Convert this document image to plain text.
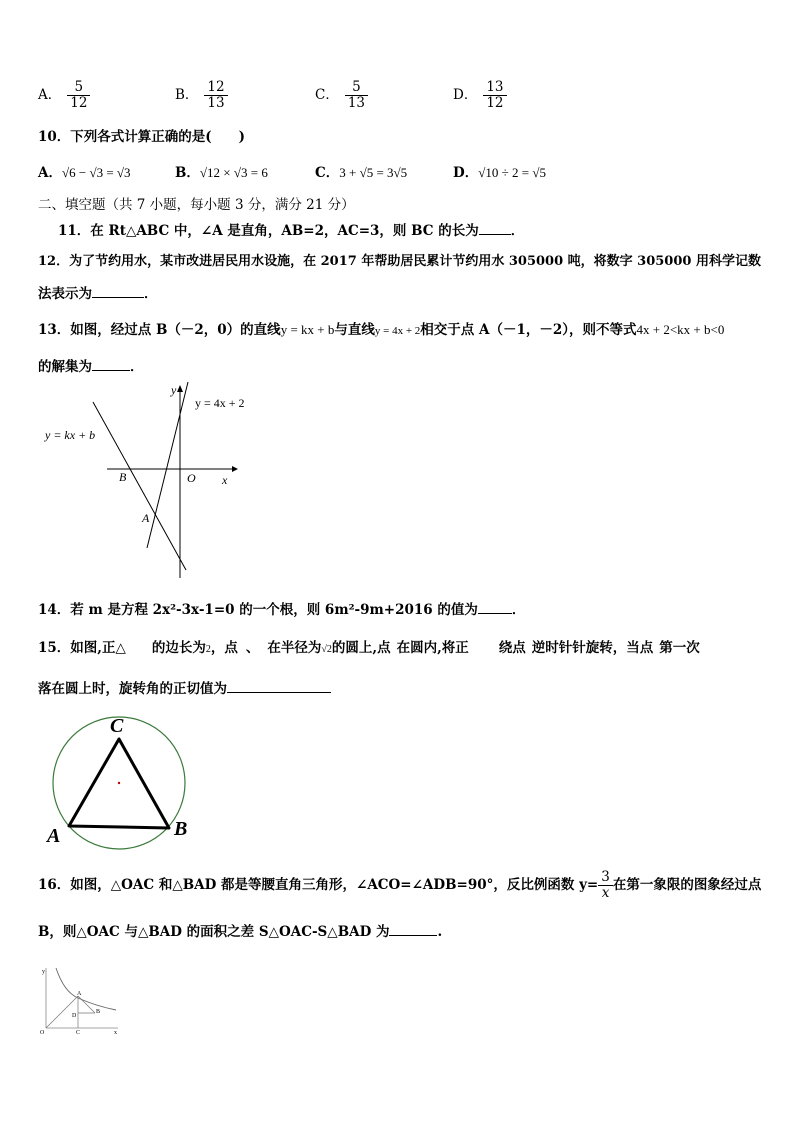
A． $\frac{5}{12}$	B． $\frac{12}{13}$	C． $\frac{5}{13}$	D． $\frac{13}{12}$
10．下列各式计算正确的是(　　)
A．√6 − √3 = √3	B．√12 × √3 = 6	C．3 + √5 = 3√5	D．√10 ÷ 2 = √5
二、填空题（共 7 小题，每小题 3 分，满分 21 分）
11．在 Rt△ABC 中，∠A 是直角，AB=2，AC=3，则 BC 的长为 ．
12．为了节约用水，某市改进居民用水设施，在 2017 年帮助居民累计节约用水 305000 吨，将数字 305000 用科学记数
法表示为	．
13．如图，经过点 B（－2，0）的直线y = kx + b与直线y = 4x + 2相交于点 A（－1，－2），则不等式4x + 2<kx + b<0
的解集为	．
y = kx + b
y = 4x + 2
y
x
B	O
A
14．若 m 是方程 2x²-3x-1=0 的一个根，则 6m²-9m+2016 的值为	．
15．如图,正△ 的边长为2，点 、 在半径为√2的圆上,点 在圆内,将正 绕点 逆时针针旋转，当点 第一次
落在圆上时，旋转角的正切值为
C
A	B
16．如图，△OAC 和△BAD 都是等腰直角三角形，∠ACO=∠ADB=90°，反比例函数 $y= \frac{3}{x}$ 在第一象限的图象经过点
B，则△OAC 与△BAD 的面积之差 S△OAC-S△BAD 为	.
y
x
O	C
A
D
B
